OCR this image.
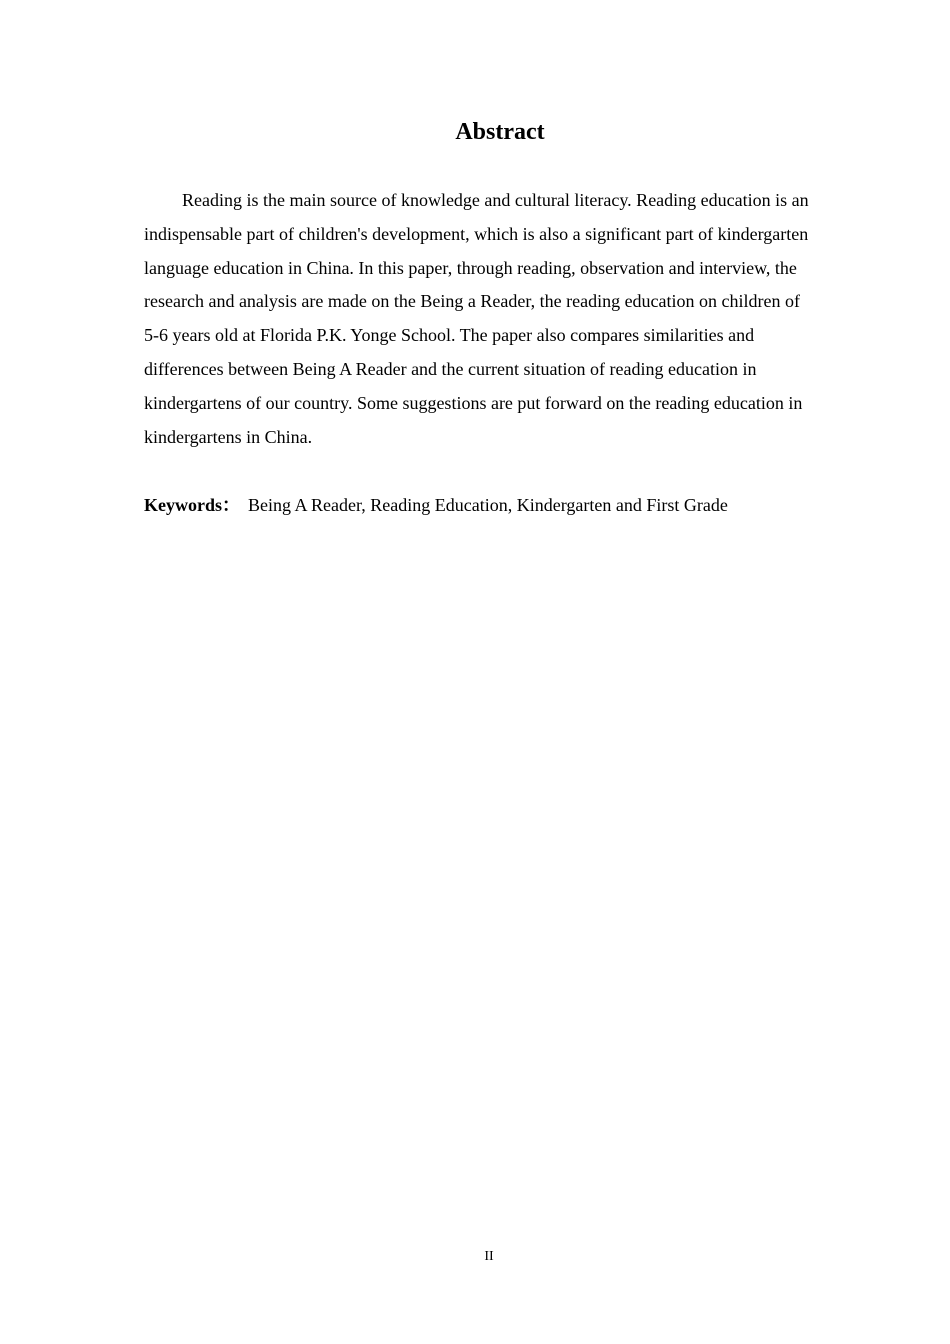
Abstract

Reading is the main source of knowledge and cultural literacy. Reading education is an indispensable part of children's development, which is also a significant part of kindergarten language education in China. In this paper, through reading, observation and interview, the research and analysis are made on the Being a Reader, the reading education on children of 5-6 years old at Florida P.K. Yonge School. The paper also compares similarities and differences between Being A Reader and the current situation of reading education in kindergartens of our country. Some suggestions are put forward on the reading education in kindergartens in China.

Keywords： Being A Reader, Reading Education, Kindergarten and First Grade

II
